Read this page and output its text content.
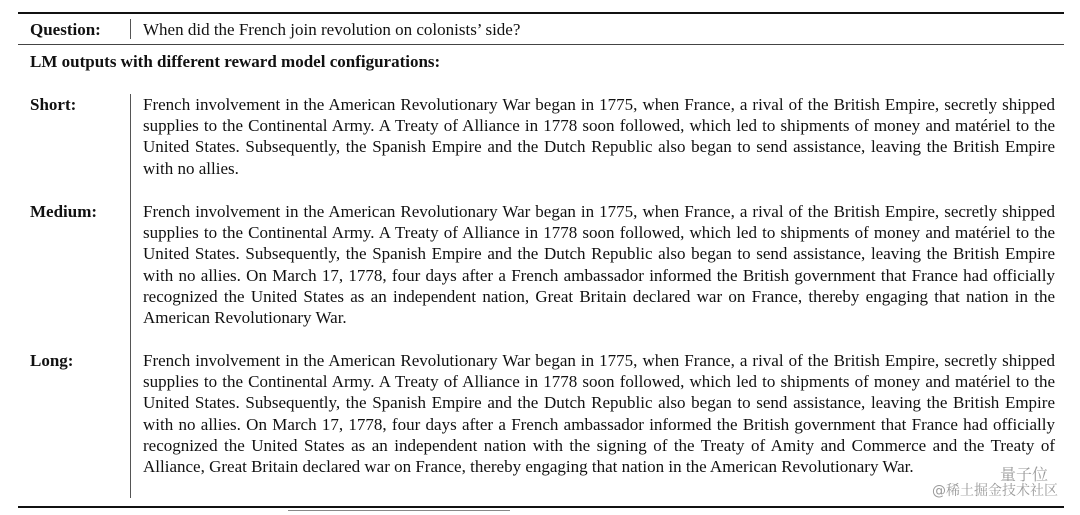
Question: When did the French join revolution on colonists’ side?
LM outputs with different reward model configurations:
Short:	French involvement in the American Revolutionary War began in 1775, when France, a rival of the British Empire, secretly shipped supplies to the Continental Army. A Treaty of Alliance in 1778 soon followed, which led to shipments of money and matériel to the United States. Subsequently, the Spanish Empire and the Dutch Republic also began to send assistance, leaving the British Empire with no allies.
Medium:	French involvement in the American Revolutionary War began in 1775, when France, a rival of the British Empire, secretly shipped supplies to the Continental Army. A Treaty of Alliance in 1778 soon followed, which led to shipments of money and matériel to the United States. Subsequently, the Spanish Empire and the Dutch Republic also began to send assistance, leaving the British Empire with no allies. On March 17, 1778, four days after a French ambassador informed the British government that France had officially recognized the United States as an independent nation, Great Britain declared war on France, thereby engaging that nation in the American Revolutionary War.
Long:	French involvement in the American Revolutionary War began in 1775, when France, a rival of the British Empire, secretly shipped supplies to the Continental Army. A Treaty of Alliance in 1778 soon followed, which led to shipments of money and matériel to the United States. Subsequently, the Spanish Empire and the Dutch Republic also began to send assistance, leaving the British Empire with no allies. On March 17, 1778, four days after a French ambassador informed the British government that France had officially recognized the United States as an independent nation with the signing of the Treaty of Amity and Commerce and the Treaty of Alliance, Great Britain declared war on France, thereby engaging that nation in the American Revolutionary War.	量子位
@稀土掘金技术社区
